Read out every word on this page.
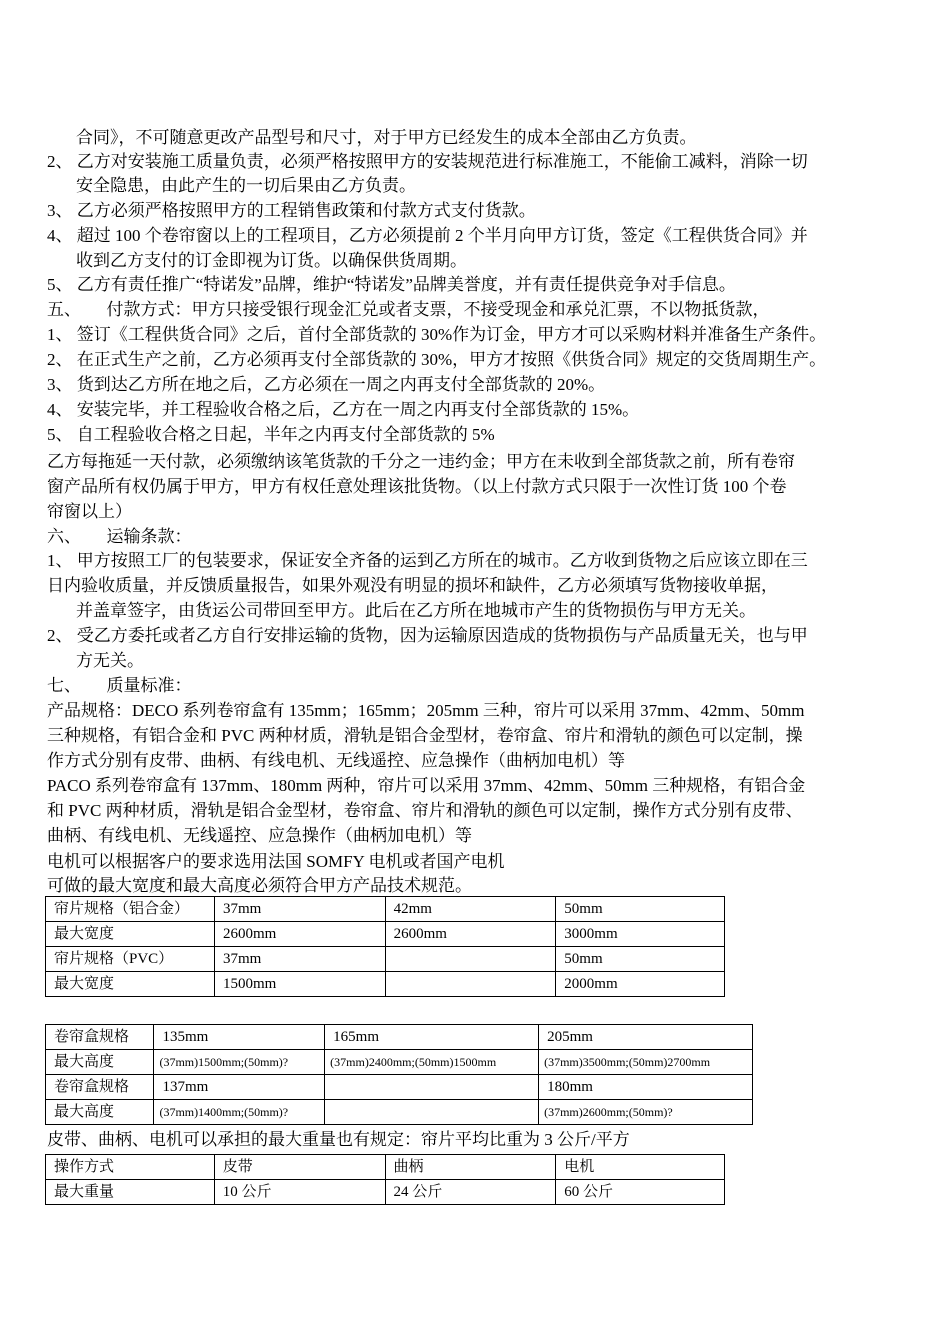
合同》，不可随意更改产品型号和尺寸，对于甲方已经发生的成本全部由乙方负责。
2、 乙方对安装施工质量负责，必须严格按照甲方的安装规范进行标准施工，不能偷工减料，消除一切
安全隐患，由此产生的一切后果由乙方负责。
3、 乙方必须严格按照甲方的工程销售政策和付款方式支付货款。
4、 超过 100 个卷帘窗以上的工程项目，乙方必须提前 2 个半月向甲方订货，签定《工程供货合同》并
收到乙方支付的订金即视为订货。以确保供货周期。
5、 乙方有责任推广“特诺发”品牌，维护“特诺发”品牌美誉度，并有责任提供竞争对手信息。
五、　　付款方式：甲方只接受银行现金汇兑或者支票，不接受现金和承兑汇票，不以物抵货款，
1、 签订《工程供货合同》之后，首付全部货款的 30%作为订金，甲方才可以采购材料并准备生产条件。
2、 在正式生产之前，乙方必须再支付全部货款的 30%，甲方才按照《供货合同》规定的交货周期生产。
3、 货到达乙方所在地之后，乙方必须在一周之内再支付全部货款的 20%。
4、 安装完毕，并工程验收合格之后，乙方在一周之内再支付全部货款的 15%。
5、 自工程验收合格之日起，半年之内再支付全部货款的 5%
乙方每拖延一天付款，必须缴纳该笔货款的千分之一违约金；甲方在未收到全部货款之前，所有卷帘
窗产品所有权仍属于甲方，甲方有权任意处理该批货物。（以上付款方式只限于一次性订货 100 个卷
帘窗以上）
六、　　运输条款：
1、 甲方按照工厂的包装要求，保证安全齐备的运到乙方所在的城市。乙方收到货物之后应该立即在三
日内验收质量，并反馈质量报告，如果外观没有明显的损坏和缺件，乙方必须填写货物接收单据，
并盖章签字，由货运公司带回至甲方。此后在乙方所在地城市产生的货物损伤与甲方无关。
2、 受乙方委托或者乙方自行安排运输的货物，因为运输原因造成的货物损伤与产品质量无关，也与甲
方无关。
七、　　质量标准：
产品规格：DECO 系列卷帘盒有 135mm；165mm；205mm 三种，帘片可以采用 37mm、42mm、50mm
三种规格，有铝合金和 PVC 两种材质，滑轨是铝合金型材，卷帘盒、帘片和滑轨的颜色可以定制，操
作方式分别有皮带、曲柄、有线电机、无线遥控、应急操作（曲柄加电机）等
PACO 系列卷帘盒有 137mm、180mm 两种，帘片可以采用 37mm、42mm、50mm 三种规格，有铝合金
和 PVC 两种材质，滑轨是铝合金型材，卷帘盒、帘片和滑轨的颜色可以定制，操作方式分别有皮带、
曲柄、有线电机、无线遥控、应急操作（曲柄加电机）等
电机可以根据客户的要求选用法国 SOMFY 电机或者国产电机
可做的最大宽度和最大高度必须符合甲方产品技术规范。
帘片规格（铝合金）	37mm	42mm	50mm
最大宽度	2600mm	2600mm	3000mm
帘片规格（PVC）	37mm		50mm
最大宽度	1500mm		2000mm
卷帘盒规格	135mm	165mm	205mm
最大高度	(37mm)1500mm;(50mm)?	(37mm)2400mm;(50mm)1500mm	(37mm)3500mm;(50mm)2700mm
卷帘盒规格	137mm		180mm
最大高度	(37mm)1400mm;(50mm)?		(37mm)2600mm;(50mm)?
皮带、曲柄、电机可以承担的最大重量也有规定：帘片平均比重为 3 公斤/平方
操作方式	皮带	曲柄	电机
最大重量	10 公斤	24 公斤	60 公斤
